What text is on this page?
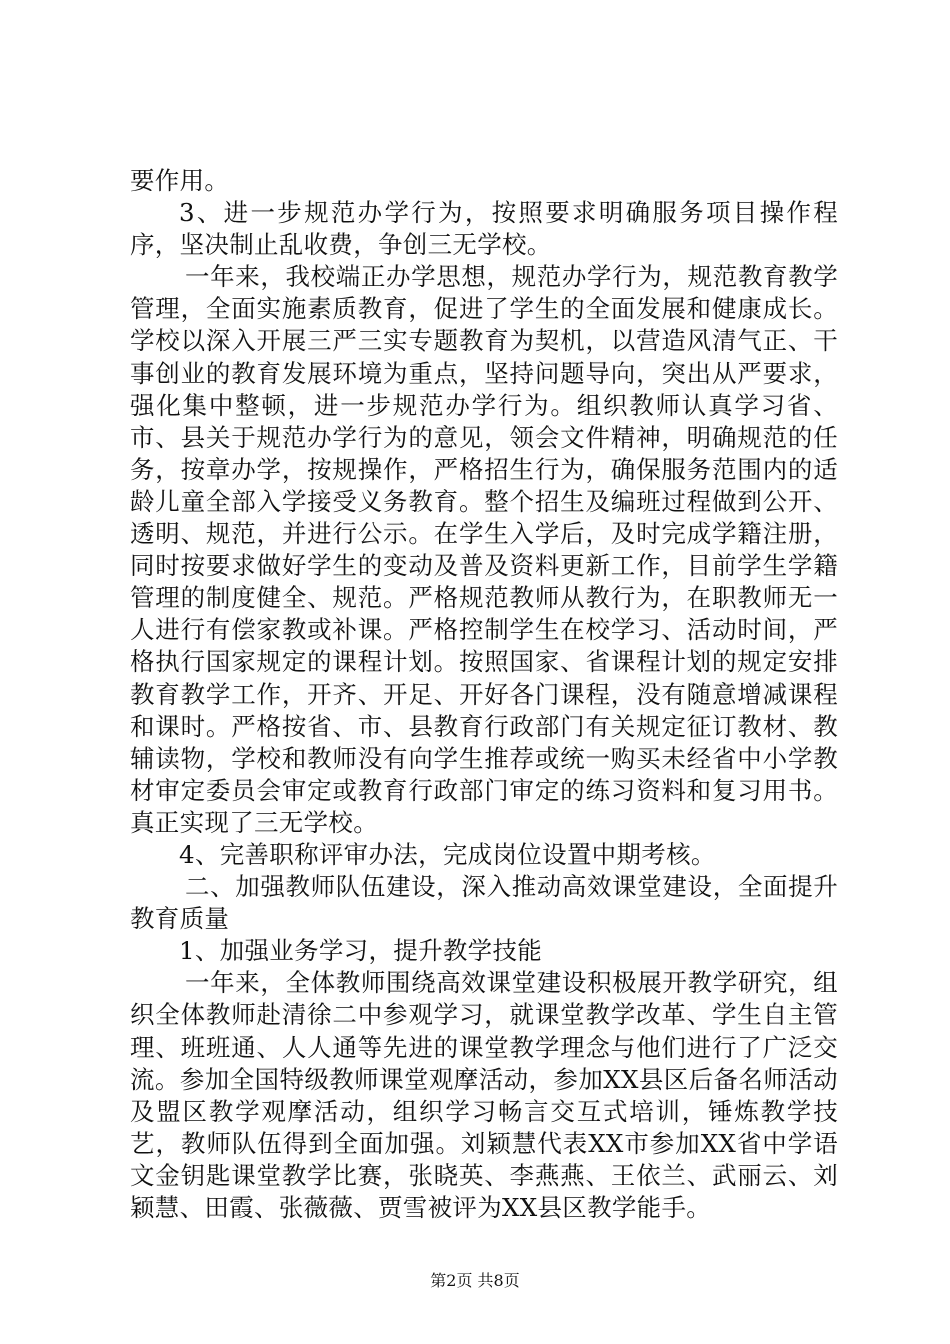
要作用。

3、进一步规范办学行为，按照要求明确服务项目操作程序，坚决制止乱收费，争创三无学校。

一年来，我校端正办学思想，规范办学行为，规范教育教学管理，全面实施素质教育，促进了学生的全面发展和健康成长。学校以深入开展三严三实专题教育为契机，以营造风清气正、干事创业的教育发展环境为重点，坚持问题导向，突出从严要求，强化集中整顿，进一步规范办学行为。组织教师认真学习省、市、县关于规范办学行为的意见，领会文件精神，明确规范的任务，按章办学，按规操作，严格招生行为，确保服务范围内的适龄儿童全部入学接受义务教育。整个招生及编班过程做到公开、透明、规范，并进行公示。在学生入学后，及时完成学籍注册，同时按要求做好学生的变动及普及资料更新工作，目前学生学籍管理的制度健全、规范。严格规范教师从教行为，在职教师无一人进行有偿家教或补课。严格控制学生在校学习、活动时间，严格执行国家规定的课程计划。按照国家、省课程计划的规定安排教育教学工作，开齐、开足、开好各门课程，没有随意增减课程和课时。严格按省、市、县教育行政部门有关规定征订教材、教辅读物，学校和教师没有向学生推荐或统一购买未经省中小学教材审定委员会审定或教育行政部门审定的练习资料和复习用书。真正实现了三无学校。

4、完善职称评审办法，完成岗位设置中期考核。

二、加强教师队伍建设，深入推动高效课堂建设，全面提升教育质量

1、加强业务学习，提升教学技能

一年来，全体教师围绕高效课堂建设积极展开教学研究，组织全体教师赴清徐二中参观学习，就课堂教学改革、学生自主管理、班班通、人人通等先进的课堂教学理念与他们进行了广泛交流。参加全国特级教师课堂观摩活动，参加XX县区后备名师活动及盟区教学观摩活动，组织学习畅言交互式培训，锤炼教学技艺，教师队伍得到全面加强。刘颖慧代表XX市参加XX省中学语文金钥匙课堂教学比赛，张晓英、李燕燕、王依兰、武丽云、刘颖慧、田霞、张薇薇、贾雪被评为XX县区教学能手。

第2页 共8页
